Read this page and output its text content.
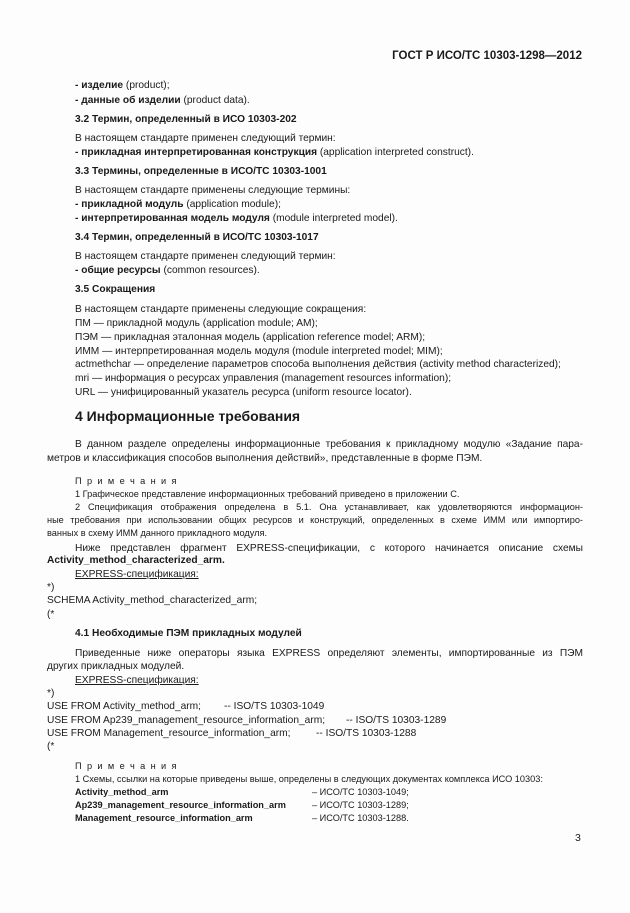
ГОСТ Р ИСО/ТС 10303-1298—2012
- изделие (product);
- данные об изделии (product data).
3.2 Термин, определенный в ИСО 10303-202
В настоящем стандарте применен следующий термин:
- прикладная интерпретированная конструкция (application interpreted construct).
3.3 Термины, определенные в ИСО/ТС 10303-1001
В настоящем стандарте применены следующие термины:
- прикладной модуль (application module);
- интерпретированная модель модуля (module interpreted model).
3.4 Термин, определенный в ИСО/ТС 10303-1017
В настоящем стандарте применен следующий термин:
- общие ресурсы (common resources).
3.5 Сокращения
В настоящем стандарте применены следующие сокращения:
ПМ — прикладной модуль (application module; AM);
ПЭМ — прикладная эталонная модель (application reference model; ARM);
ИММ — интерпретированная модель модуля (module interpreted model; MIM);
actmethchar — определение параметров способа выполнения действия (activity method characterized);
mri — информация о ресурсах управления (management resources information);
URL — унифицированный указатель ресурса (uniform resource locator).
4 Информационные требования
В данном разделе определены информационные требования к прикладному модулю «Задание пара-
метров и классификация способов выполнения действий», представленные в форме ПЭМ.
П р и м е ч а н и я
1 Графическое представление информационных требований приведено в приложении С.
2 Спецификация отображения определена в 5.1. Она устанавливает, как удовлетворяются информацион-
ные требования при использовании общих ресурсов и конструкций, определенных в схеме ИММ или импортиро-
ванных в схему ИММ данного прикладного модуля.
Ниже представлен фрагмент EXPRESS-спецификации, с которого начинается описание схемы
Activity_method_characterized_arm.
EXPRESS-спецификация:
*)
SCHEMA Activity_method_characterized_arm;
(*
4.1 Необходимые ПЭМ прикладных модулей
Приведенные ниже операторы языка EXPRESS определяют элементы, импортированные из ПЭМ
других прикладных модулей.
EXPRESS-спецификация:
*)
USE FROM Activity_method_arm; -- ISO/TS 10303-1049
USE FROM Ap239_management_resource_information_arm; -- ISO/TS 10303-1289
USE FROM Management_resource_information_arm;	-- ISO/TS 10303-1288
(*
П р и м е ч а н и я
1 Схемы, ссылки на которые приведены выше, определены в следующих документах комплекса ИСО 10303:
Activity_method_arm	– ИСО/ТС 10303-1049;
Ap239_management_resource_information_arm	– ИСО/ТС 10303-1289;
Management_resource_information_arm	– ИСО/ТС 10303-1288.
3
